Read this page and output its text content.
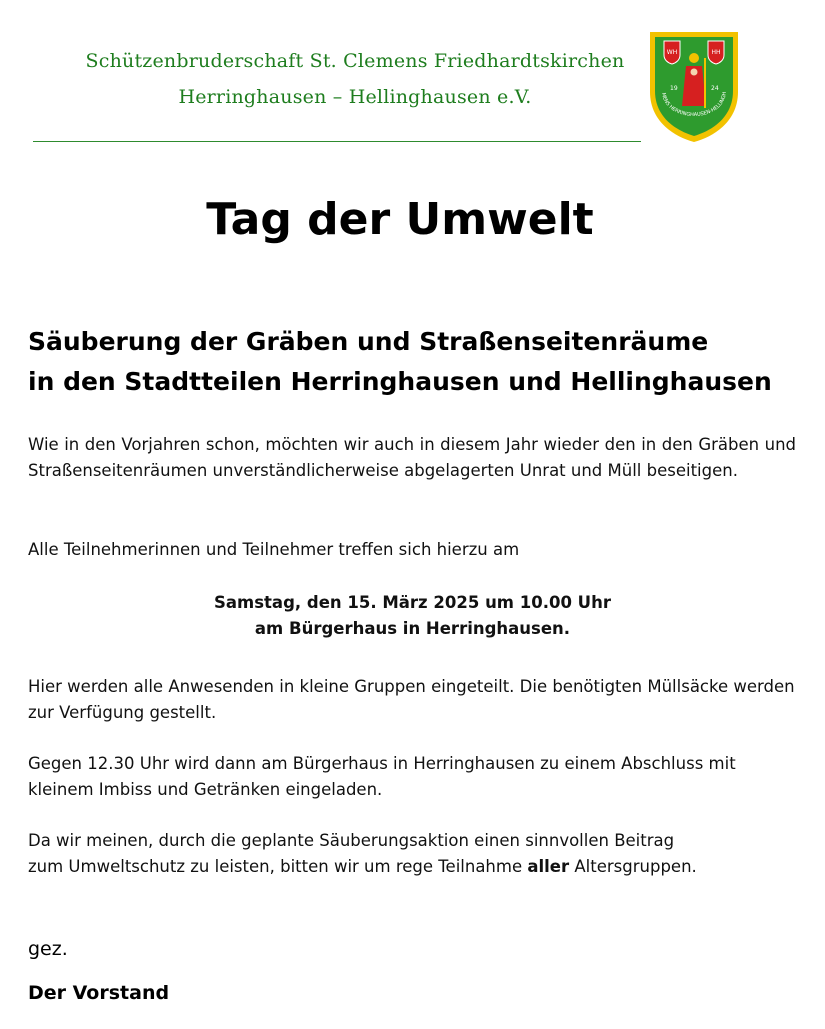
Schützenbruderschaft St. Clemens Friedhardtskirchen
Herringhausen – Hellinghausen e.V.
WH	HH
19	24
MENS HERRINGHAUSEN-HELLINGH
Tag der Umwelt
Säuberung der Gräben und Straßenseitenräume
in den Stadtteilen Herringhausen und Hellinghausen
Wie in den Vorjahren schon, möchten wir auch in diesem Jahr wieder den in den Gräben und Straßenseitenräumen unverständlicherweise abgelagerten Unrat und Müll beseitigen.
Alle Teilnehmerinnen und Teilnehmer treffen sich hierzu am
Samstag, den 15. März 2025 um 10.00 Uhr
am Bürgerhaus in Herringhausen.
Hier werden alle Anwesenden in kleine Gruppen eingeteilt. Die benötigten Müllsäcke werden zur Verfügung gestellt.
Gegen 12.30 Uhr wird dann am Bürgerhaus in Herringhausen zu einem Abschluss mit kleinem Imbiss und Getränken eingeladen.
Da wir meinen, durch die geplante Säuberungsaktion einen sinnvollen Beitrag
zum Umweltschutz zu leisten, bitten wir um rege Teilnahme aller Altersgruppen.
gez.
Der Vorstand
